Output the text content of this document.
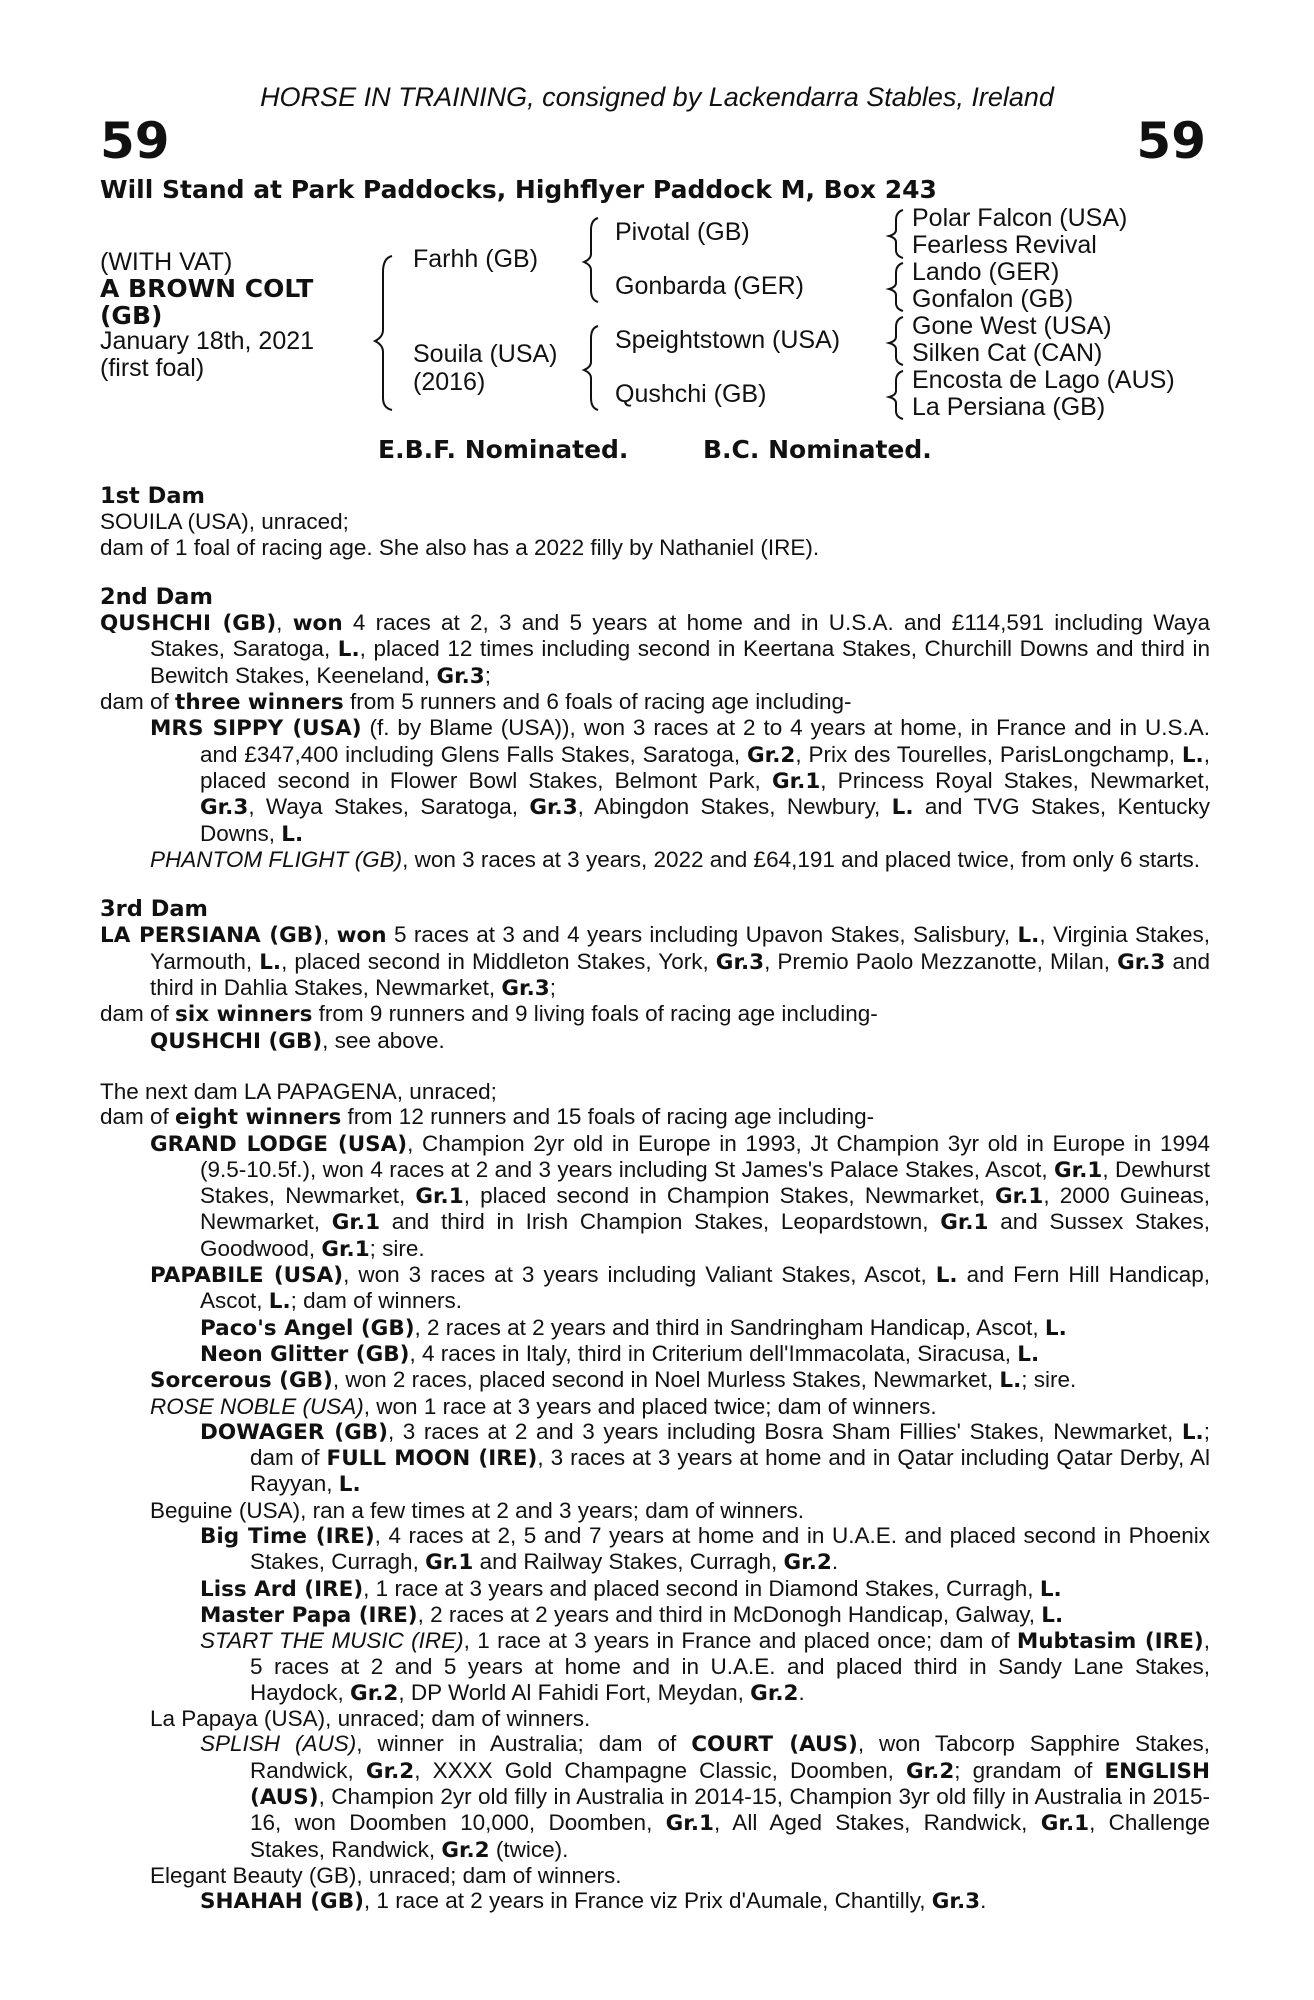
HORSE IN TRAINING, consigned by Lackendarra Stables, Ireland
59	59
Will Stand at Park Paddocks, Highflyer Paddock M, Box 243
(WITH VAT)
A BROWN COLT
(GB)
January 18th, 2021
(first foal)
Farhh (GB)
Souila (USA)
(2016)
Pivotal (GB)
Gonbarda (GER)
Speightstown (USA)
Qushchi (GB)
Polar Falcon (USA)
Fearless Revival
Lando (GER)
Gonfalon (GB)
Gone West (USA)
Silken Cat (CAN)
Encosta de Lago (AUS)
La Persiana (GB)
E.B.F. Nominated.	B.C. Nominated.
1st Dam

SOUILA (USA), unraced;
dam of 1 foal of racing age. She also has a 2022 filly by Nathaniel (IRE).

2nd Dam

QUSHCHI (GB), won 4 races at 2, 3 and 5 years at home and in U.S.A. and £114,591 including Waya Stakes, Saratoga, L., placed 12 times including second in Keertana Stakes, Churchill Downs and third in Bewitch Stakes, Keeneland, Gr.3;

dam of three winners from 5 runners and 6 foals of racing age including-

MRS SIPPY (USA) (f. by Blame (USA)), won 3 races at 2 to 4 years at home, in France and in U.S.A. and £347,400 including Glens Falls Stakes, Saratoga, Gr.2, Prix des Tourelles, ParisLongchamp, L., placed second in Flower Bowl Stakes, Belmont Park, Gr.1, Princess Royal Stakes, Newmarket, Gr.3, Waya Stakes, Saratoga, Gr.3, Abingdon Stakes, Newbury, L. and TVG Stakes, Kentucky Downs, L.

PHANTOM FLIGHT (GB), won 3 races at 3 years, 2022 and £64,191 and placed twice, from only 6 starts.

3rd Dam

LA PERSIANA (GB), won 5 races at 3 and 4 years including Upavon Stakes, Salisbury, L., Virginia Stakes, Yarmouth, L., placed second in Middleton Stakes, York, Gr.3, Premio Paolo Mezzanotte, Milan, Gr.3 and third in Dahlia Stakes, Newmarket, Gr.3;

dam of six winners from 9 runners and 9 living foals of racing age including-

QUSHCHI (GB), see above.

The next dam LA PAPAGENA, unraced;

dam of eight winners from 12 runners and 15 foals of racing age including-

GRAND LODGE (USA), Champion 2yr old in Europe in 1993, Jt Champion 3yr old in Europe in 1994 (9.5-10.5f.), won 4 races at 2 and 3 years including St James's Palace Stakes, Ascot, Gr.1, Dewhurst Stakes, Newmarket, Gr.1, placed second in Champion Stakes, Newmarket, Gr.1, 2000 Guineas, Newmarket, Gr.1 and third in Irish Champion Stakes, Leopardstown, Gr.1 and Sussex Stakes, Goodwood, Gr.1; sire.

PAPABILE (USA), won 3 races at 3 years including Valiant Stakes, Ascot, L. and Fern Hill Handicap, Ascot, L.; dam of winners.

Paco's Angel (GB), 2 races at 2 years and third in Sandringham Handicap, Ascot, L.

Neon Glitter (GB), 4 races in Italy, third in Criterium dell'Immacolata, Siracusa, L.

Sorcerous (GB), won 2 races, placed second in Noel Murless Stakes, Newmarket, L.; sire.

ROSE NOBLE (USA), won 1 race at 3 years and placed twice; dam of winners.

DOWAGER (GB), 3 races at 2 and 3 years including Bosra Sham Fillies' Stakes, Newmarket, L.; dam of FULL MOON (IRE), 3 races at 3 years at home and in Qatar including Qatar Derby, Al Rayyan, L.

Beguine (USA), ran a few times at 2 and 3 years; dam of winners.

Big Time (IRE), 4 races at 2, 5 and 7 years at home and in U.A.E. and placed second in Phoenix Stakes, Curragh, Gr.1 and Railway Stakes, Curragh, Gr.2.

Liss Ard (IRE), 1 race at 3 years and placed second in Diamond Stakes, Curragh, L.

Master Papa (IRE), 2 races at 2 years and third in McDonogh Handicap, Galway, L.

START THE MUSIC (IRE), 1 race at 3 years in France and placed once; dam of Mubtasim (IRE), 5 races at 2 and 5 years at home and in U.A.E. and placed third in Sandy Lane Stakes, Haydock, Gr.2, DP World Al Fahidi Fort, Meydan, Gr.2.

La Papaya (USA), unraced; dam of winners.

SPLISH (AUS), winner in Australia; dam of COURT (AUS), won Tabcorp Sapphire Stakes, Randwick, Gr.2, XXXX Gold Champagne Classic, Doomben, Gr.2; grandam of ENGLISH (AUS), Champion 2yr old filly in Australia in 2014-15, Champion 3yr old filly in Australia in 2015-16, won Doomben 10,000, Doomben, Gr.1, All Aged Stakes, Randwick, Gr.1, Challenge Stakes, Randwick, Gr.2 (twice).

Elegant Beauty (GB), unraced; dam of winners.

SHAHAH (GB), 1 race at 2 years in France viz Prix d'Aumale, Chantilly, Gr.3.
